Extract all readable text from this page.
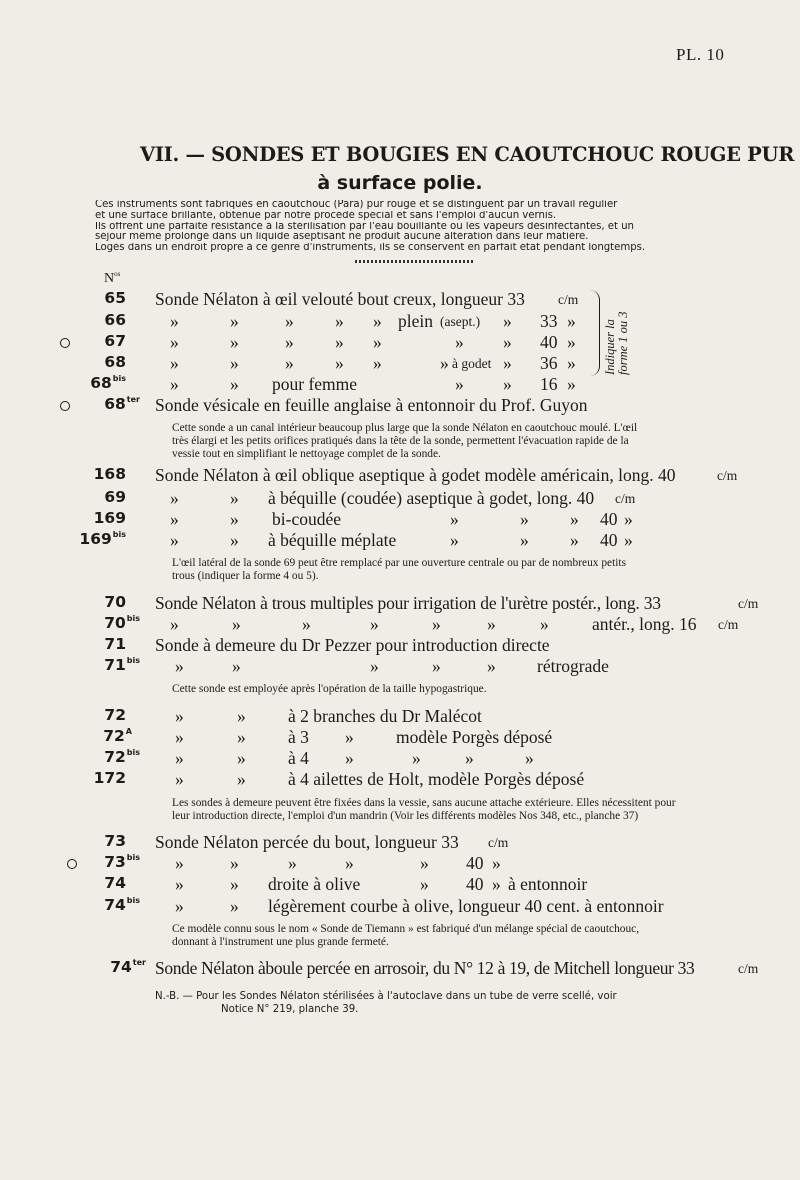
PL. 10
VII. — SONDES ET BOUGIES EN CAOUTCHOUC ROUGE PUR
à surface polie.
Ces instruments sont fabriqués en caoutchouc (Para) pur rouge et se distinguent par un travail régulier
et une surface brillante, obtenue par notre procédé spécial et sans l'emploi d'aucun vernis.
Ils offrent une parfaite résistance à la stérilisation par l'eau bouillante ou les vapeurs désinfectantes, et un
séjour même prolongé dans un liquide aseptisant ne produit aucune altération dans leur matière.
Logés dans un endroit propre à ce genre d'instruments, ils se conservent en parfait état pendant longtemps.
$N^{os}$
65 Sonde Nélaton à œil velouté bout creux, longueur 33 c/m
66	»	»	» » » plein (asept.) » 33 »
67	»	»	» » »	» » 40 »
68	»	»	» » »	» à godet » 36 »
$68^{bis}$	»	» pour femme	» » 16 »
Indiquer la forme 1 ou 3
$68^{ter}$ Sonde vésicale en feuille anglaise à entonnoir du Prof. Guyon
Cette sonde a un canal intérieur beaucoup plus large que la sonde Nélaton en caoutchouc moulé. L'œil
très élargi et les petits orifices pratiqués dans la tête de la sonde, permettent l'évacuation rapide de la
vessie tout en simplifiant le nettoyage complet de la sonde.
168 Sonde Nélaton à œil oblique aseptique à godet modèle américain, long. 40	c/m
69	»	» à béquille (coudée) aseptique à godet, long. 40 c/m
169	»	» bi-coudée	»	» » 40 »
$169^{bis}$	»	» à béquille méplate	»	» » 40 »
L'œil latéral de la sonde 69 peut être remplacé par une ouverture centrale ou par de nombreux petits
trous (indiquer la forme 4 ou 5).
70 Sonde Nélaton à trous multiples pour irrigation de l'urètre postér., long. 33	c/m
$70^{bis}$ »	»	»	»	»	»	» antér., long. 16 c/m
71 Sonde à demeure du Dr Pezzer pour introduction directe
$71^{bis}$ »	»	»	»	» rétrograde
Cette sonde est employée après l'opération de la taille hypogastrique.
72	»	» à 2 branches du Dr Malécot
$72^A$ »	» à 3 » modèle Porgès déposé
$72^{bis}$ »	» à 4 »	»	»	»
172	»	» à 4 ailettes de Holt, modèle Porgès déposé
Les sondes à demeure peuvent être fixées dans la vessie, sans aucune attache extérieure. Elles nécessitent pour
leur introduction directe, l'emploi d'un mandrin (Voir les différents modèles Nos 348, etc., planche 37)
73 Sonde Nélaton percée du bout, longueur 33 c/m
$73^{bis}$ »	»	»	»	» 40 »
74	»	» droite à olive	» 40 » à entonnoir
$74^{bis}$ »	» légèrement courbe à olive, longueur 40 cent. à entonnoir
Ce modèle connu sous le nom « Sonde de Tiemann » est fabriqué d'un mélange spécial de caoutchouc,
donnant à l'instrument une plus grande fermeté.
$74^{ter}$ Sonde Nélaton àboule percée en arrosoir, du N° 12 à 19, de Mitchell longueur 33	c/m
N.-B. — Pour les Sondes Nélaton stérilisées à l'autoclave dans un tube de verre scellé, voir
Notice N° 219, planche 39.
